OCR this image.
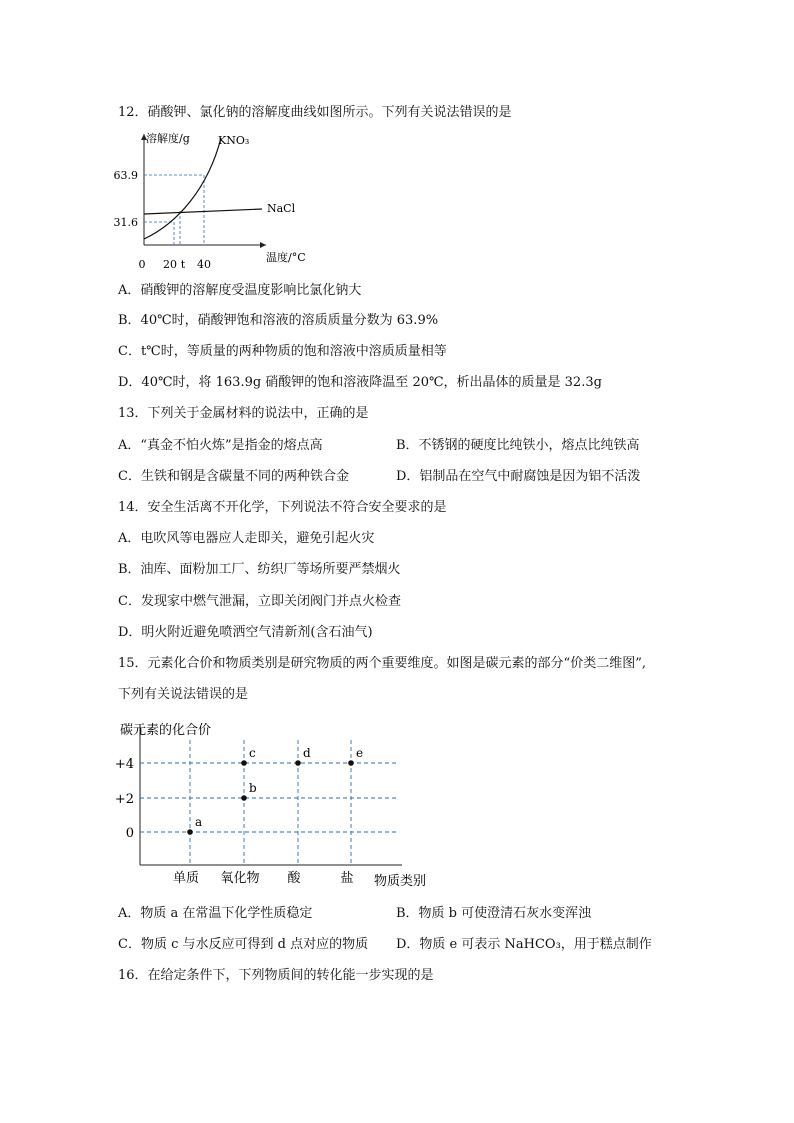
12．硝酸钾、氯化钠的溶解度曲线如图所示。下列有关说法错误的是
溶解度/g
温度/°C
63.9
31.6
0 20 t 40
KNO₃
NaCl
A．硝酸钾的溶解度受温度影响比氯化钠大
B．40℃时，硝酸钾饱和溶液的溶质质量分数为 63.9%
C．t℃时，等质量的两种物质的饱和溶液中溶质质量相等
D．40℃时，将 163.9g 硝酸钾的饱和溶液降温至 20℃，析出晶体的质量是 32.3g
13．下列关于金属材料的说法中，正确的是
A．“真金不怕火炼”是指金的熔点高	B．不锈钢的硬度比纯铁小，熔点比纯铁高
C．生铁和钢是含碳量不同的两种铁合金	D．铝制品在空气中耐腐蚀是因为铝不活泼
14．安全生活离不开化学，下列说法不符合安全要求的是
A．电吹风等电器应人走即关，避免引起火灾
B．油库、面粉加工厂、纺织厂等场所要严禁烟火
C．发现家中燃气泄漏，立即关闭阀门并点火检查
D．明火附近避免喷洒空气清新剂(含石油气)
15．元素化合价和物质类别是研究物质的两个重要维度。如图是碳元素的部分“价类二维图”,
下列有关说法错误的是
碳元素的化合价
0
+2
+4
单质 氧化物 酸	盐 物质类别
a
b
c	d	e
A．物质 a 在常温下化学性质稳定	B．物质 b 可使澄清石灰水变浑浊
C．物质 c 与水反应可得到 d 点对应的物质 D．物质 e 可表示 NaHCO₃，用于糕点制作
16．在给定条件下，下列物质间的转化能一步实现的是
